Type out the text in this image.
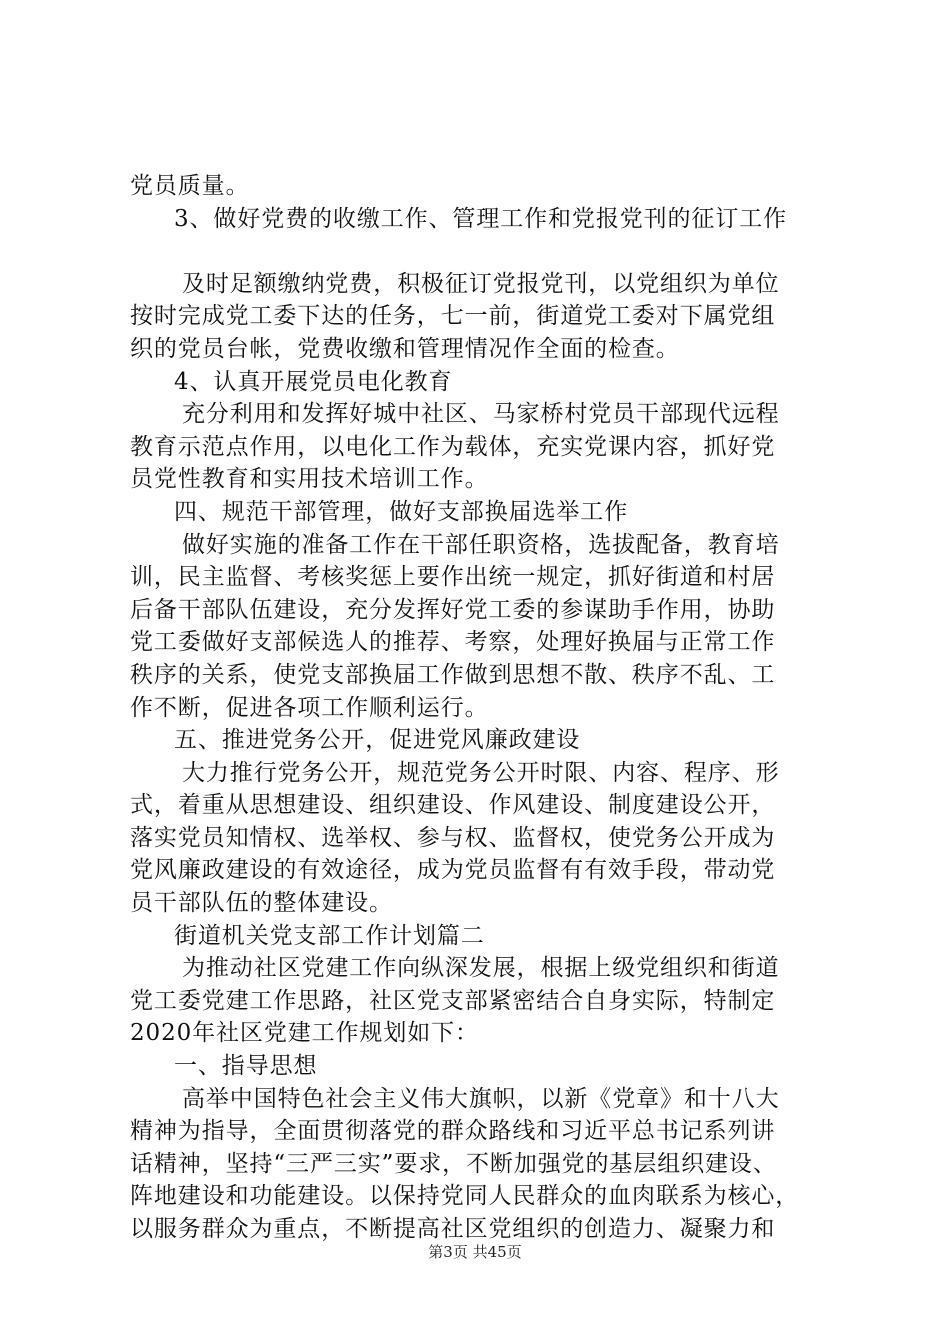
党员质量。
3、做好党费的收缴工作、管理工作和党报党刊的征订工作
及时足额缴纳党费，积极征订党报党刊，以党组织为单位
按时完成党工委下达的任务，七一前，街道党工委对下属党组
织的党员台帐，党费收缴和管理情况作全面的检查。
4、认真开展党员电化教育
充分利用和发挥好城中社区、马家桥村党员干部现代远程
教育示范点作用，以电化工作为载体，充实党课内容，抓好党
员党性教育和实用技术培训工作。
四、规范干部管理，做好支部换届选举工作
做好实施的准备工作在干部任职资格，选拔配备，教育培
训，民主监督、考核奖惩上要作出统一规定，抓好街道和村居
后备干部队伍建设，充分发挥好党工委的参谋助手作用，协助
党工委做好支部候选人的推荐、考察，处理好换届与正常工作
秩序的关系，使党支部换届工作做到思想不散、秩序不乱、工
作不断，促进各项工作顺利运行。
五、推进党务公开，促进党风廉政建设
大力推行党务公开，规范党务公开时限、内容、程序、形
式，着重从思想建设、组织建设、作风建设、制度建设公开，
落实党员知情权、选举权、参与权、监督权，使党务公开成为
党风廉政建设的有效途径，成为党员监督有有效手段，带动党
员干部队伍的整体建设。
街道机关党支部工作计划篇二
为推动社区党建工作向纵深发展，根据上级党组织和街道
党工委党建工作思路，社区党支部紧密结合自身实际，特制定
2020年社区党建工作规划如下：
一、指导思想
高举中国特色社会主义伟大旗帜，以新《党章》和十八大
精神为指导，全面贯彻落党的群众路线和习近平总书记系列讲
话精神，坚持“三严三实”要求，不断加强党的基层组织建设、
阵地建设和功能建设。以保持党同人民群众的血肉联系为核心，
以服务群众为重点，不断提高社区党组织的创造力、凝聚力和
第3页 共45页
